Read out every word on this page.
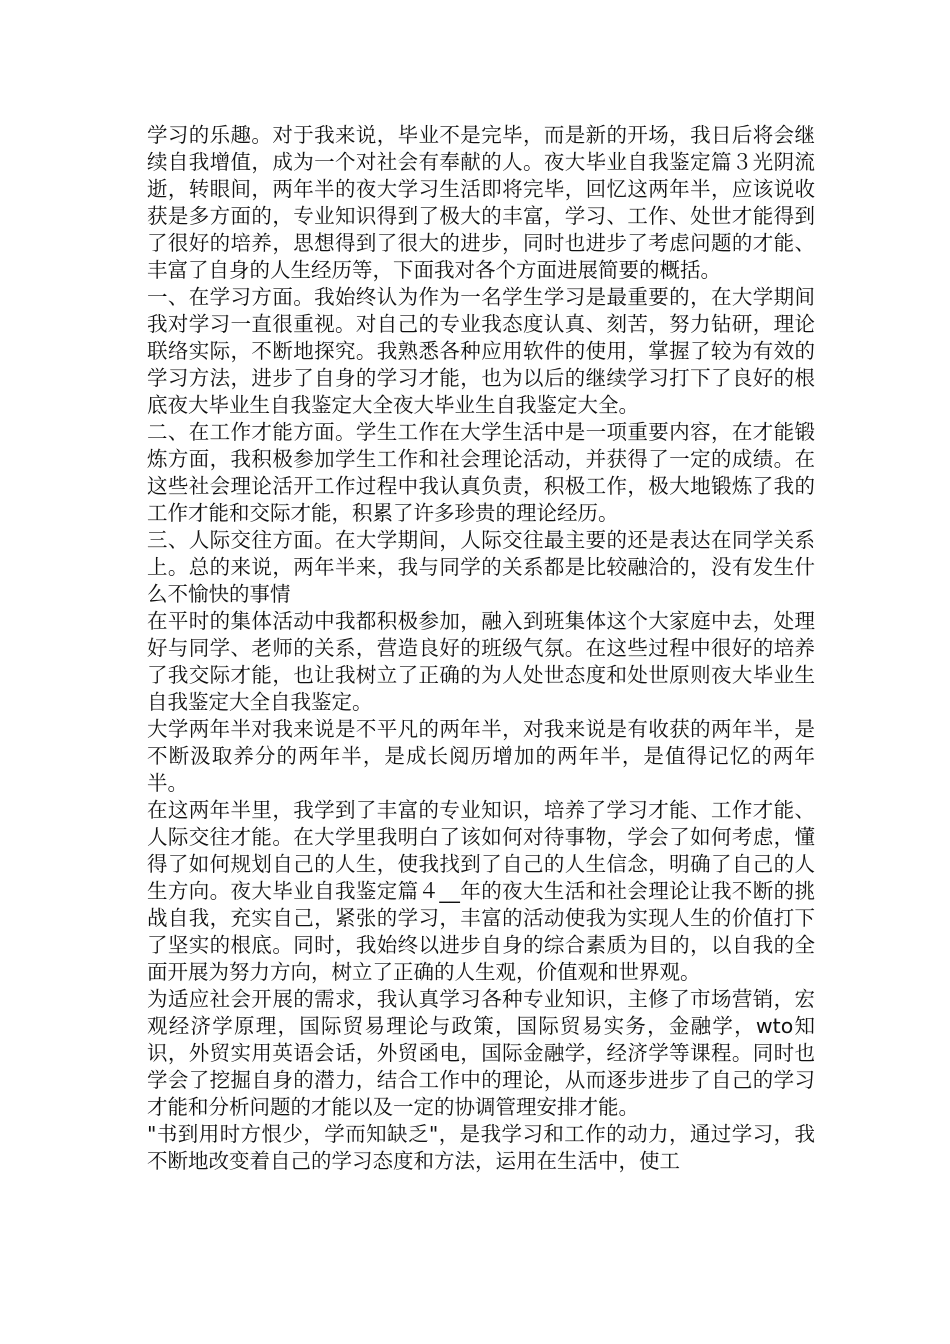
学习的乐趣。对于我来说，毕业不是完毕，而是新的开场，我日后将会继续自我增值，成为一个对社会有奉献的人。夜大毕业自我鉴定篇３光阴流逝，转眼间，两年半的夜大学习生活即将完毕，回忆这两年半，应该说收获是多方面的，专业知识得到了极大的丰富，学习、工作、处世才能得到了很好的培养，思想得到了很大的进步，同时也进步了考虑问题的才能、丰富了自身的人生经历等，下面我对各个方面进展简要的概括。

一、在学习方面。我始终认为作为一名学生学习是最重要的，在大学期间我对学习一直很重视。对自己的专业我态度认真、刻苦，努力钻研，理论联络实际，不断地探究。我熟悉各种应用软件的使用，掌握了较为有效的学习方法，进步了自身的学习才能，也为以后的继续学习打下了良好的根底夜大毕业生自我鉴定大全夜大毕业生自我鉴定大全。

二、在工作才能方面。学生工作在大学生活中是一项重要内容，在才能锻炼方面，我积极参加学生工作和社会理论活动，并获得了一定的成绩。在这些社会理论活开工作过程中我认真负责，积极工作，极大地锻炼了我的工作才能和交际才能，积累了许多珍贵的理论经历。

三、人际交往方面。在大学期间，人际交往最主要的还是表达在同学关系上。总的来说，两年半来，我与同学的关系都是比较融洽的，没有发生什么不愉快的事情

在平时的集体活动中我都积极参加，融入到班集体这个大家庭中去，处理好与同学、老师的关系，营造良好的班级气氛。在这些过程中很好的培养了我交际才能，也让我树立了正确的为人处世态度和处世原则夜大毕业生自我鉴定大全自我鉴定。

大学两年半对我来说是不平凡的两年半，对我来说是有收获的两年半，是不断汲取养分的两年半，是成长阅历增加的两年半，是值得记忆的两年半。

在这两年半里，我学到了丰富的专业知识，培养了学习才能、工作才能、人际交往才能。在大学里我明白了该如何对待事物，学会了如何考虑，懂得了如何规划自己的人生，使我找到了自己的人生信念，明确了自己的人生方向。夜大毕业自我鉴定篇４__年的夜大生活和社会理论让我不断的挑战自我，充实自己，紧张的学习，丰富的活动使我为实现人生的价值打下了坚实的根底。同时，我始终以进步自身的综合素质为目的，以自我的全面开展为努力方向，树立了正确的人生观，价值观和世界观。

为适应社会开展的需求，我认真学习各种专业知识，主修了市场营销，宏观经济学原理，国际贸易理论与政策，国际贸易实务，金融学，wto知识，外贸实用英语会话，外贸函电，国际金融学，经济学等课程。同时也学会了挖掘自身的潜力，结合工作中的理论，从而逐步进步了自己的学习才能和分析问题的才能以及一定的协调管理安排才能。

"书到用时方恨少，学而知缺乏"，是我学习和工作的动力，通过学习，我不断地改变着自己的学习态度和方法，运用在生活中，使工
